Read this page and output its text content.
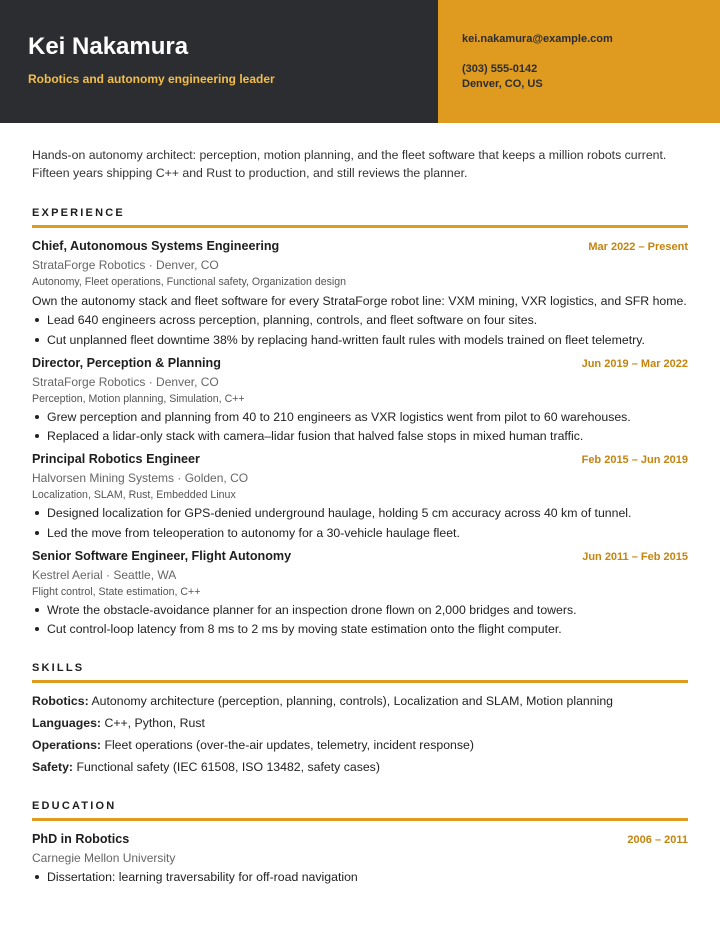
Kei Nakamura
Robotics and autonomy engineering leader
kei.nakamura@example.com
(303) 555-0142
Denver, CO, US

Hands-on autonomy architect: perception, motion planning, and the fleet software that keeps a million robots current. Fifteen years shipping C++ and Rust to production, and still reviews the planner.

EXPERIENCE
Chief, Autonomous Systems Engineering	Mar 2022 – Present
StrataForge Robotics · Denver, CO
Autonomy, Fleet operations, Functional safety, Organization design
Own the autonomy stack and fleet software for every StrataForge robot line: VXM mining, VXR logistics, and SFR home.
Lead 640 engineers across perception, planning, controls, and fleet software on four sites.
Cut unplanned fleet downtime 38% by replacing hand-written fault rules with models trained on fleet telemetry.
Director, Perception & Planning	Jun 2019 – Mar 2022
StrataForge Robotics · Denver, CO
Perception, Motion planning, Simulation, C++
Grew perception and planning from 40 to 210 engineers as VXR logistics went from pilot to 60 warehouses.
Replaced a lidar-only stack with camera–lidar fusion that halved false stops in mixed human traffic.
Principal Robotics Engineer	Feb 2015 – Jun 2019
Halvorsen Mining Systems · Golden, CO
Localization, SLAM, Rust, Embedded Linux
Designed localization for GPS-denied underground haulage, holding 5 cm accuracy across 40 km of tunnel.
Led the move from teleoperation to autonomy for a 30-vehicle haulage fleet.
Senior Software Engineer, Flight Autonomy	Jun 2011 – Feb 2015
Kestrel Aerial · Seattle, WA
Flight control, State estimation, C++
Wrote the obstacle-avoidance planner for an inspection drone flown on 2,000 bridges and towers.
Cut control-loop latency from 8 ms to 2 ms by moving state estimation onto the flight computer.
SKILLS
Robotics: Autonomy architecture (perception, planning, controls), Localization and SLAM, Motion planning
Languages: C++, Python, Rust
Operations: Fleet operations (over-the-air updates, telemetry, incident response)
Safety: Functional safety (IEC 61508, ISO 13482, safety cases)
EDUCATION
PhD in Robotics	2006 – 2011
Carnegie Mellon University
Dissertation: learning traversability for off-road navigation
